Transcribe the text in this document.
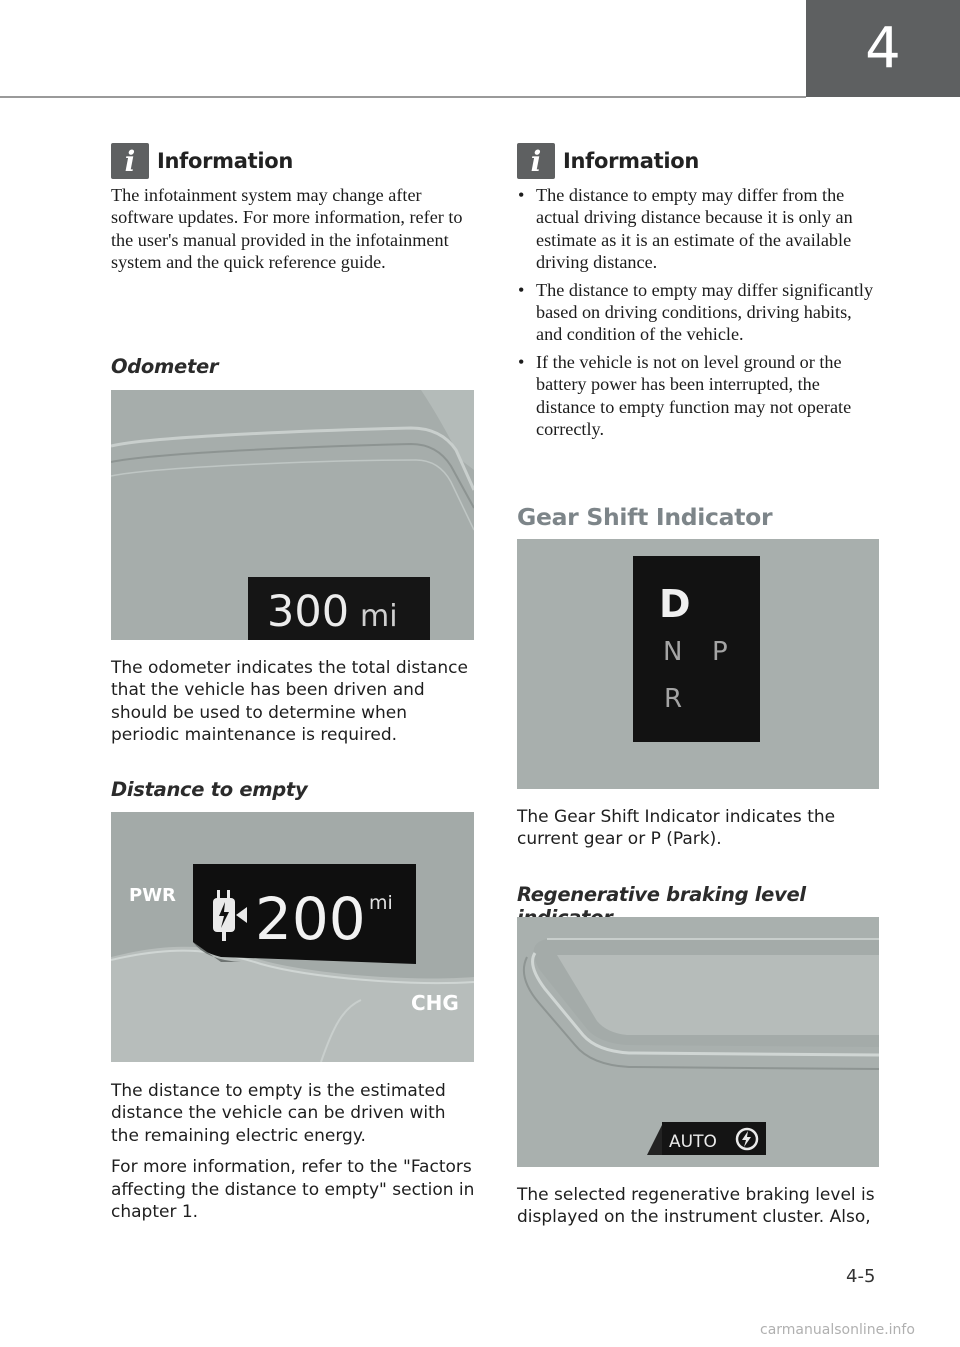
4
i	Information
The infotainment system may change after software updates. For more information, refer to the user's manual provided in the infotainment system and the quick reference guide.
Odometer
300 mi

The odometer indicates the total distance that the vehicle has been driven and should be used to determine when periodic maintenance is required.

Distance to empty
200 mi
PWR
CHG

The distance to empty is the estimated distance the vehicle can be driven with the remaining electric energy.

For more information, refer to the "Factors affecting the distance to empty" section in chapter 1.

i	Information
• The distance to empty may differ from the actual driving distance because it is only an estimate as it is an estimate of the available driving distance.
• The distance to empty may differ significantly based on driving conditions, driving habits, and condition of the vehicle.
• If the vehicle is not on level ground or the battery power has been interrupted, the distance to empty function may not operate correctly.
Gear Shift Indicator
D
N P
R

The Gear Shift Indicator indicates the current gear or P (Park).

Regenerative braking level
AUTO

The selected regenerative braking level is displayed on the instrument cluster. Also,

4-5
carmanualsonline.info
